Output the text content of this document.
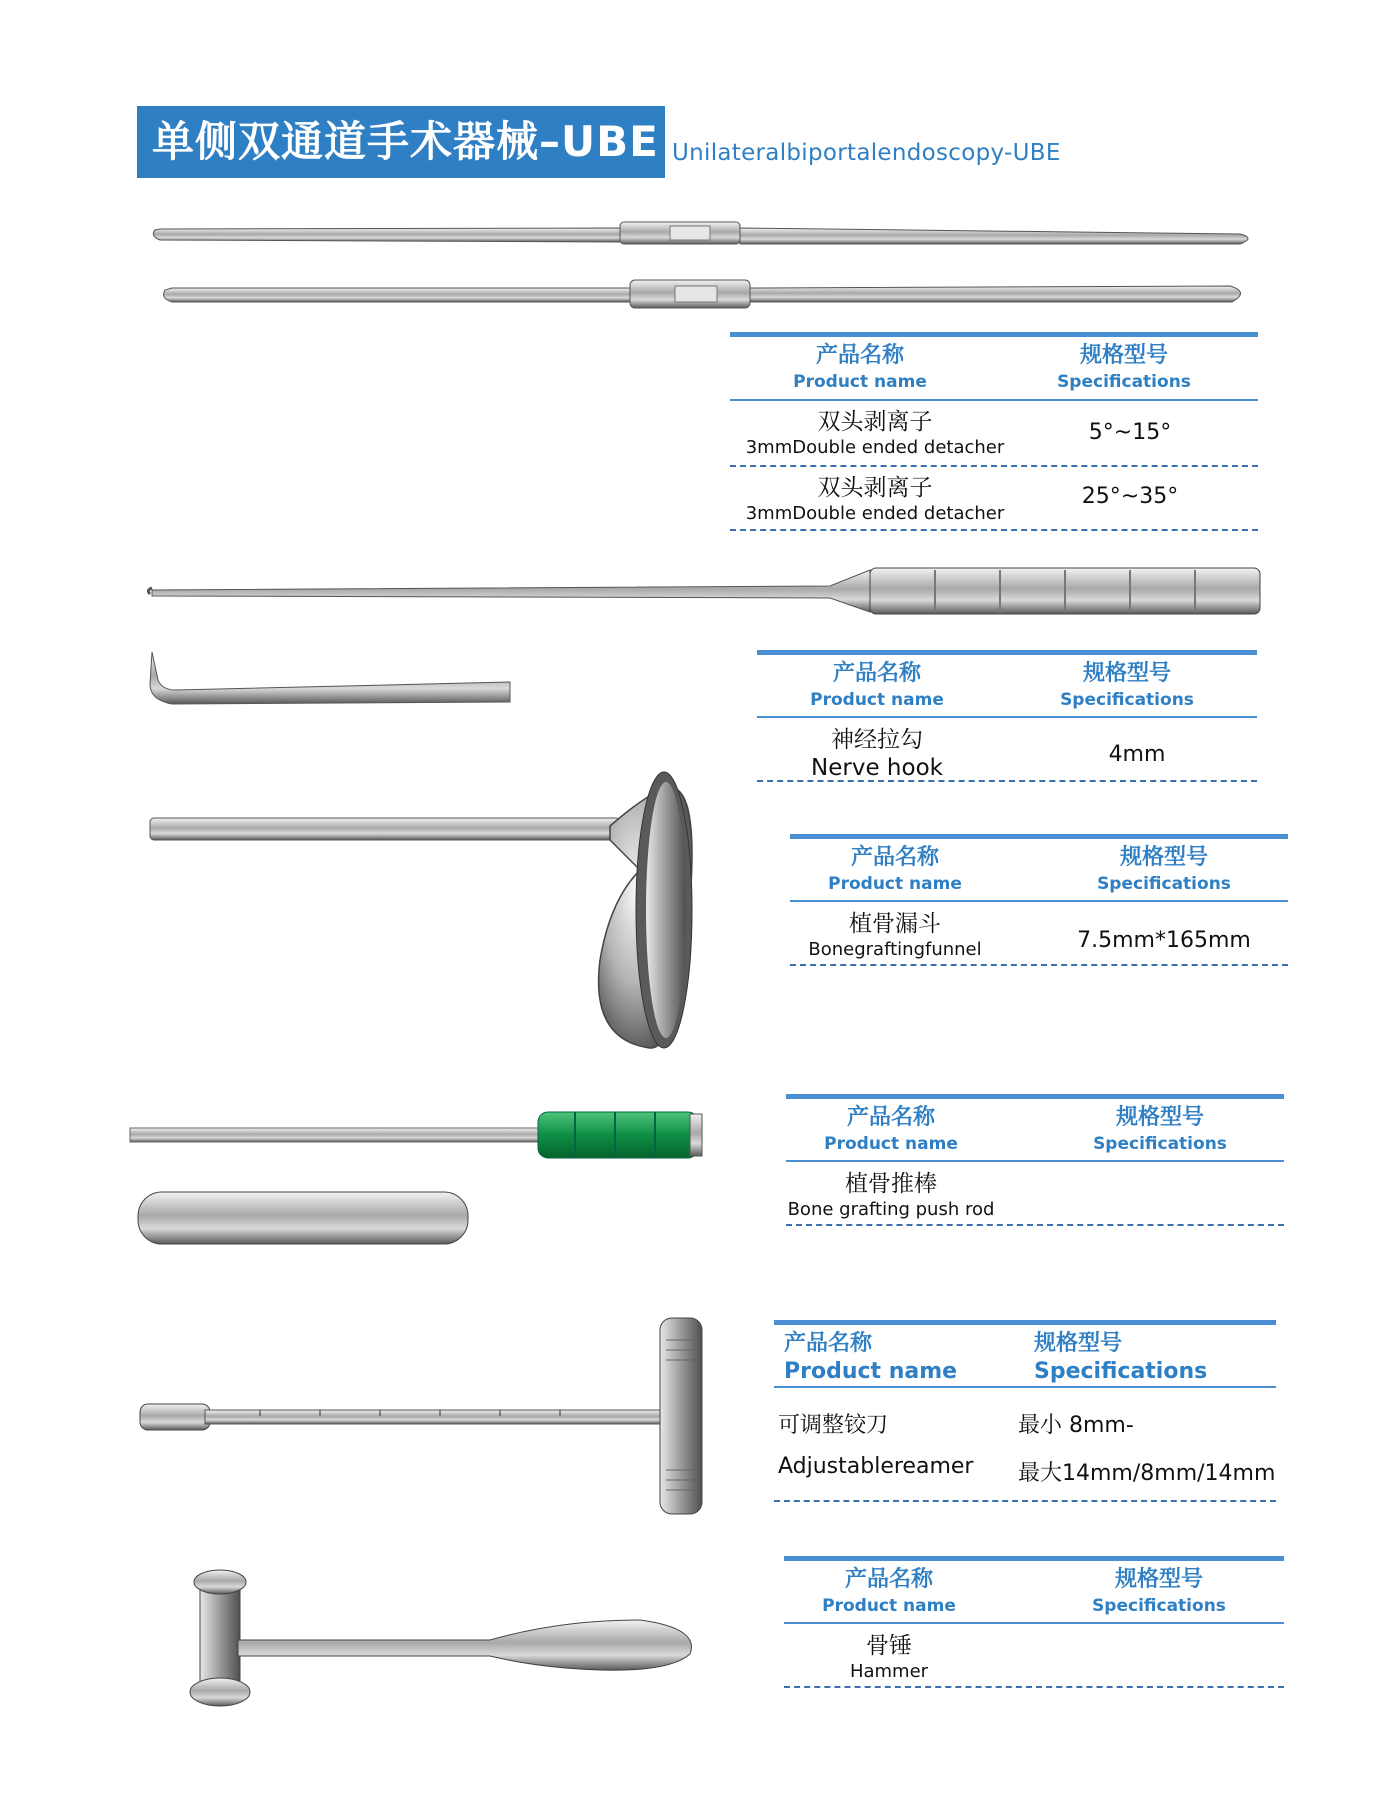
单侧双通道手术器械–UBE Unilateralbiportalendoscopy-UBE
产品名称
Product name
规格型号
Specifications
双头剥离子
3mmDouble ended detacher
5°~15°
双头剥离子
3mmDouble ended detacher
25°~35°
产品名称
Product name
规格型号
Specifications
神经拉勾
Nerve hook
4mm
产品名称
Product name
规格型号
Specifications
植骨漏斗
Bonegraftingfunnel	7.5mm*165mm
产品名称
Product name
规格型号
Specifications
植骨推棒
Bone grafting push rod
产品名称
Product name
规格型号
Specifications
可调整铰刀
Adjustablereamer
最小 8mm-
最大14mm/8mm/14mm
产品名称
Product name
规格型号
Specifications
骨锤
Hammer
